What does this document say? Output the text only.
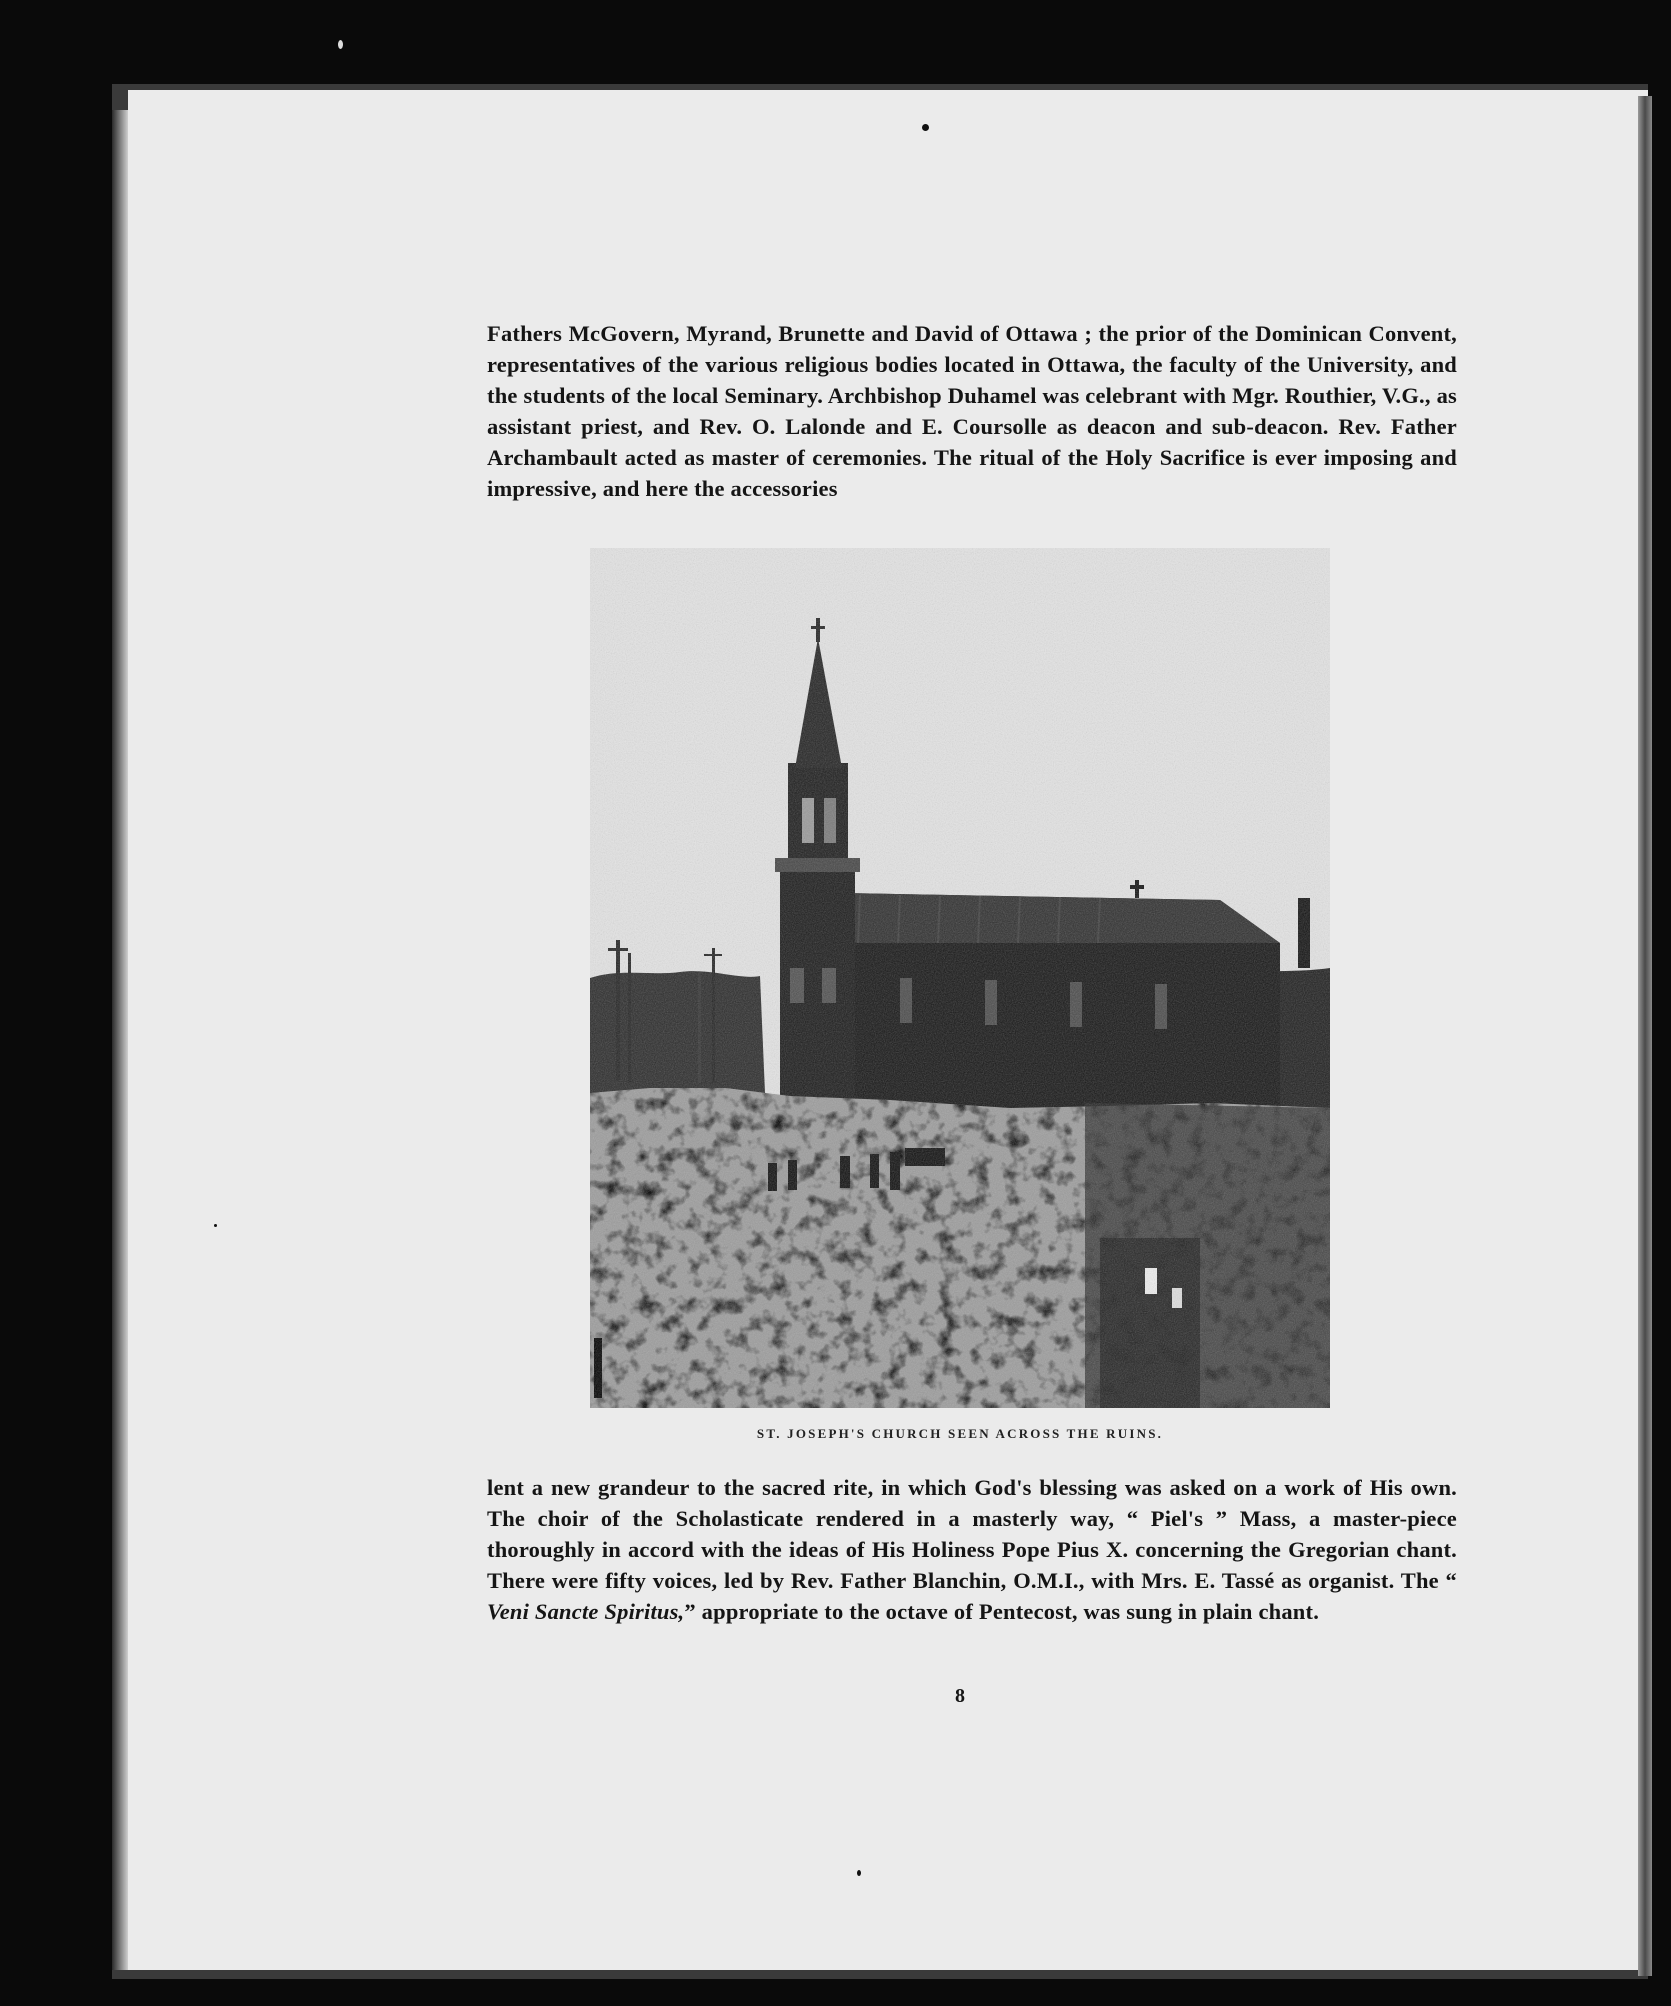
Fathers McGovern, Myrand, Brunette and David of Ottawa ; the prior of the Dominican Convent, representatives of the various religious bodies located in Ottawa, the faculty of the University, and the students of the local Seminary. Archbishop Duhamel was celebrant with Mgr. Routhier, V.G., as assistant priest, and Rev. O. Lalonde and E. Coursolle as deacon and sub-deacon. Rev. Father Archambault acted as master of ceremonies. The ritual of the Holy Sacrifice is ever imposing and impressive, and here the accessories

ST. JOSEPH'S CHURCH SEEN ACROSS THE RUINS.

lent a new grandeur to the sacred rite, in which God's blessing was asked on a work of His own. The choir of the Scholasticate rendered in a masterly way, “ Piel's ” Mass, a master-piece thoroughly in accord with the ideas of His Holiness Pope Pius X. concerning the Gregorian chant. There were fifty voices, led by Rev. Father Blanchin, O.M.I., with Mrs. E. Tassé as organist. The “ Veni Sancte Spiritus,” appropriate to the octave of Pentecost, was sung in plain chant.

8
